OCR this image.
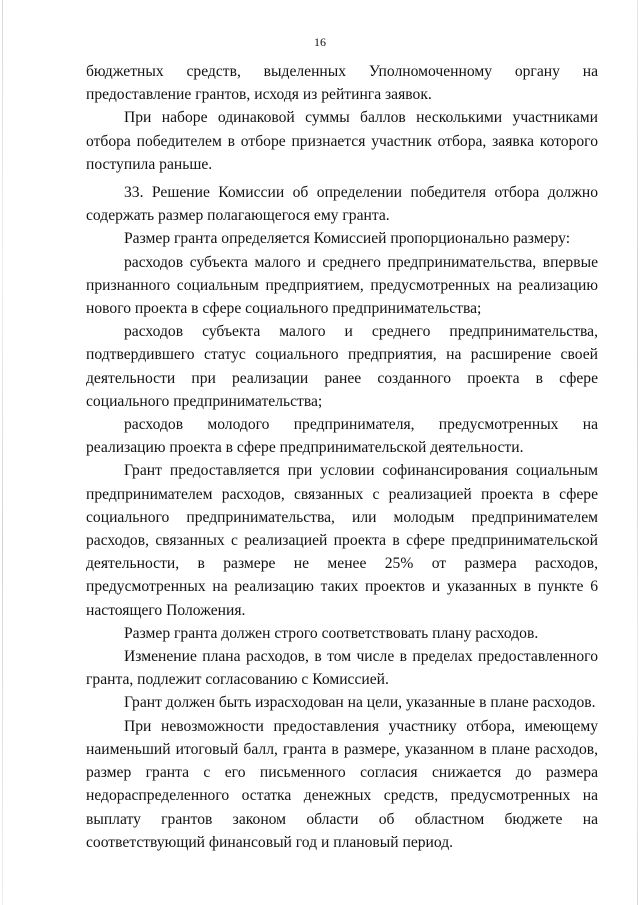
16

бюджетных средств, выделенных Уполномоченному органу на предоставление грантов, исходя из рейтинга заявок.

При наборе одинаковой суммы баллов несколькими участниками отбора победителем в отборе признается участник отбора, заявка которого поступила раньше.

33. Решение Комиссии об определении победителя отбора должно содержать размер полагающегося ему гранта.

Размер гранта определяется Комиссией пропорционально размеру:

расходов субъекта малого и среднего предпринимательства, впервые признанного социальным предприятием, предусмотренных на реализацию нового проекта в сфере социального предпринимательства;

расходов субъекта малого и среднего предпринимательства, подтвердившего статус социального предприятия, на расширение своей деятельности при реализации ранее созданного проекта в сфере социального предпринимательства;

расходов молодого предпринимателя, предусмотренных на реализацию проекта в сфере предпринимательской деятельности.

Грант предоставляется при условии софинансирования социальным предпринимателем расходов, связанных с реализацией проекта в сфере социального предпринимательства, или молодым предпринимателем расходов, связанных с реализацией проекта в сфере предпринимательской деятельности, в размере не менее 25% от размера расходов, предусмотренных на реализацию таких проектов и указанных в пункте 6 настоящего Положения.

Размер гранта должен строго соответствовать плану расходов.

Изменение плана расходов, в том числе в пределах предоставленного гранта, подлежит согласованию с Комиссией.

Грант должен быть израсходован на цели, указанные в плане расходов.

При невозможности предоставления участнику отбора, имеющему наименьший итоговый балл, гранта в размере, указанном в плане расходов, размер гранта с его письменного согласия снижается до размера недораспределенного остатка денежных средств, предусмотренных на выплату грантов законом области об областном бюджете на соответствующий финансовый год и плановый период.
